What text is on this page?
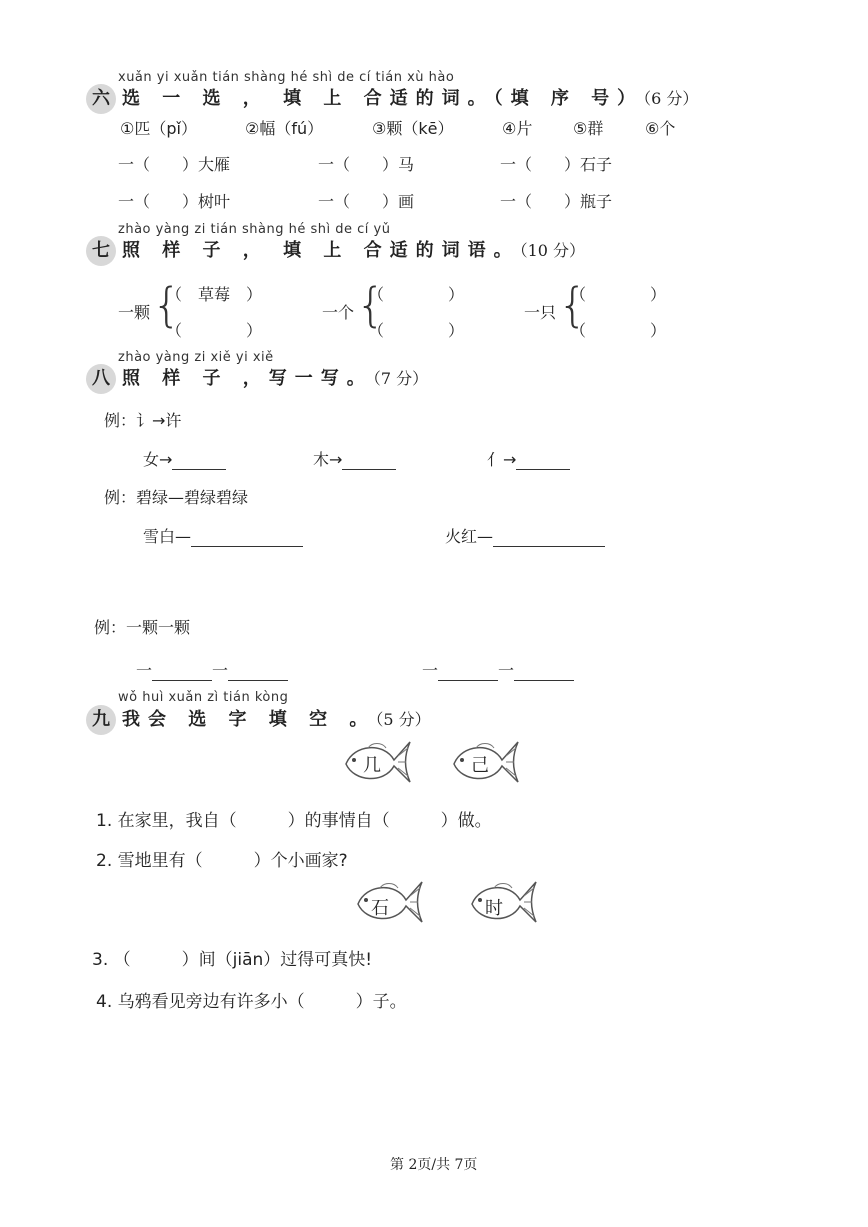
xuǎn yi xuǎn tián shàng hé shì de cí tián xù hào
六 选 一 选 ， 填 上 合适的词。（填 序 号）（6 分）
①匹（pǐ）	②幅（fú）	③颗（kē）	④片	⑤群	⑥个
一（　　）大雁	一（　　）马	一（　　）石子
一（　　）树叶	一（　　）画	一（　　）瓶子
zhào yàng zi tián shàng hé shì de cí yǔ
七 照 样 子 ， 填 上 合适的词语。（10 分）
一颗 {
（　草莓　）
（　　　　）
一个 {
（　　　　）
（　　　　）
一只 {
（　　　　）
（　　　　）
zhào yàng zi xiě yi xiě
八 照 样 子 ，写一写。（7 分）
例：讠→许
女→	木→	亻→
例：碧绿—碧绿碧绿
雪白—	火红—
例：一颗一颗
一	一	一	一
wǒ huì xuǎn zì tián kòng
九 我会 选 字 填 空 。（5 分）
几	己
1. 在家里，我自（　　　）的事情自（　　　）做。
2. 雪地里有（　　　）个小画家?
石	时
3. （　　　）间（jiān）过得可真快!
4. 乌鸦看见旁边有许多小（　　　）子。
第 2页/共 7页
